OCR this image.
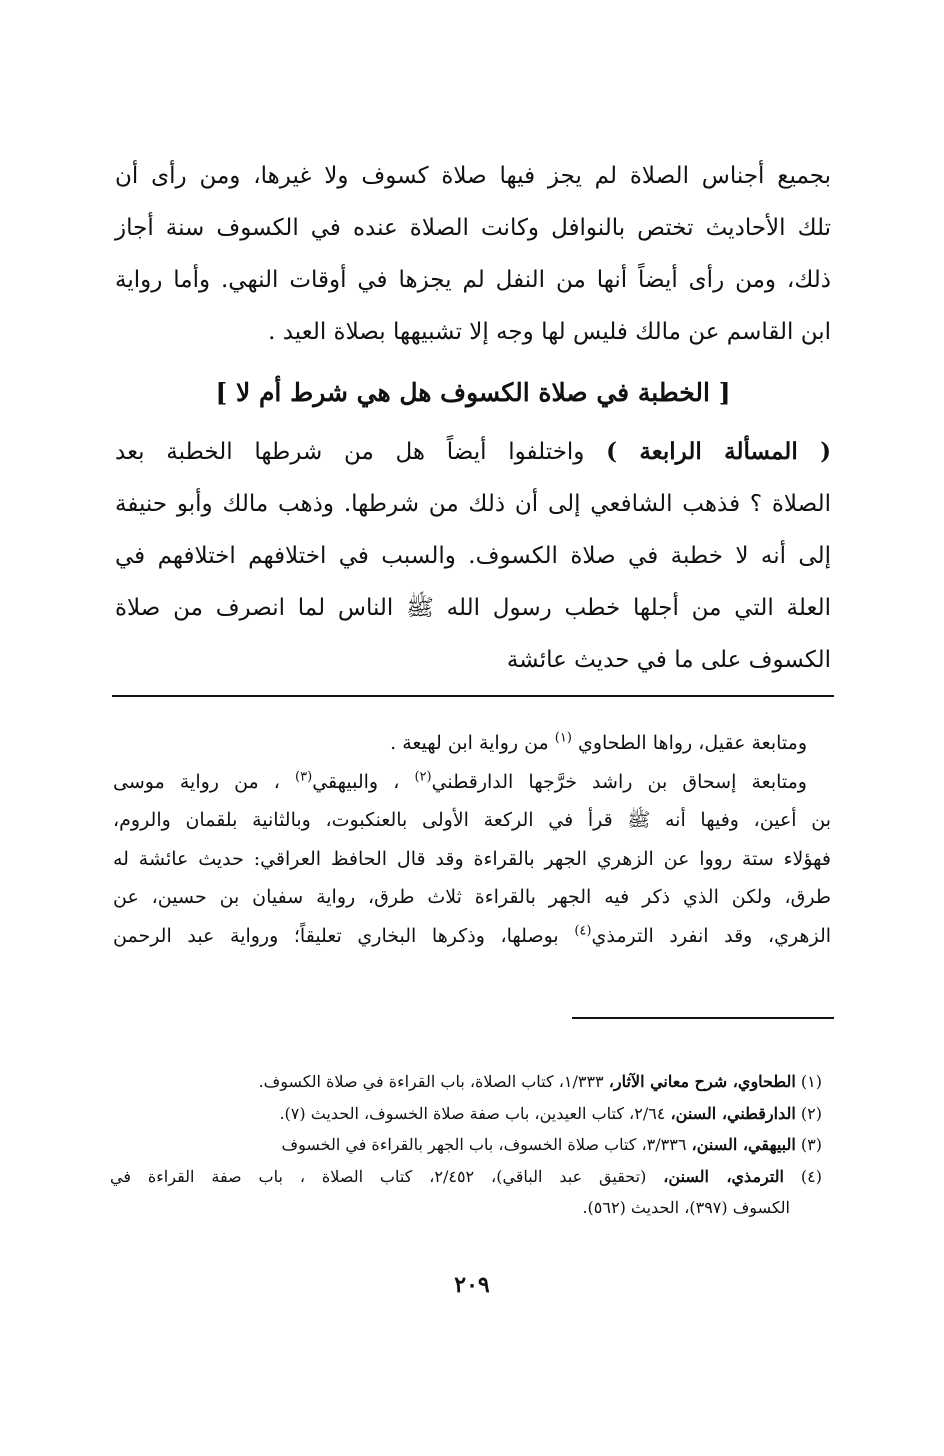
بجميع أجناس الصلاة لم يجز فيها صلاة كسوف ولا غيرها، ومن رأى أن
تلك الأحاديث تختص بالنوافل وكانت الصلاة عنده في الكسوف سنة أجاز
ذلك، ومن رأى أيضاً أنها من النفل لم يجزها في أوقات النهي. وأما رواية
ابن القاسم عن مالك فليس لها وجه إلا تشبيهها بصلاة العيد .
[ الخطبة في صلاة الكسوف هل هي شرط أم لا ]
( المسألة الرابعة ) واختلفوا أيضاً هل من شرطها الخطبة بعد
الصلاة ؟ فذهب الشافعي إلى أن ذلك من شرطها. وذهب مالك وأبو حنيفة
إلى أنه لا خطبة في صلاة الكسوف. والسبب في اختلافهم اختلافهم في
العلة التي من أجلها خطب رسول الله ﷺ الناس لما انصرف من صلاة
الكسوف على ما في حديث عائشة
ومتابعة عقيل، رواها الطحاوي $^{(١)}$ من رواية ابن لهيعة .
ومتابعة إسحاق بن راشد خرَّجها الدارقطني$^{(٢)}$ ، والبيهقي$^{(٣)}$ ، من رواية موسى
بن أعين، وفيها أنه ﷺ قرأ في الركعة الأولى بالعنكبوت، وبالثانية بلقمان والروم،
فهؤلاء ستة رووا عن الزهري الجهر بالقراءة وقد قال الحافظ العراقي: حديث عائشة له
طرق، ولكن الذي ذكر فيه الجهر بالقراءة ثلاث طرق، رواية سفيان بن حسين، عن
الزهري، وقد انفرد الترمذي$^{(٤)}$ بوصلها، وذكرها البخاري تعليقاً؛ ورواية عبد الرحمن
(١) الطحاوي، شرح معاني الآثار، ١/٣٣٣، كتاب الصلاة، باب القراءة في صلاة الكسوف.
(٢) الدارقطني، السنن، ٢/٦٤، كتاب العيدين، باب صفة صلاة الخسوف، الحديث (٧).
(٣) البيهقي، السنن، ٣/٣٣٦، كتاب صلاة الخسوف، باب الجهر بالقراءة في الخسوف
(٤) الترمذي، السنن، (تحقيق عبد الباقي)، ٢/٤٥٢، كتاب الصلاة ، باب صفة القراءة في
الكسوف (٣٩٧)، الحديث (٥٦٢).
٢٠٩
